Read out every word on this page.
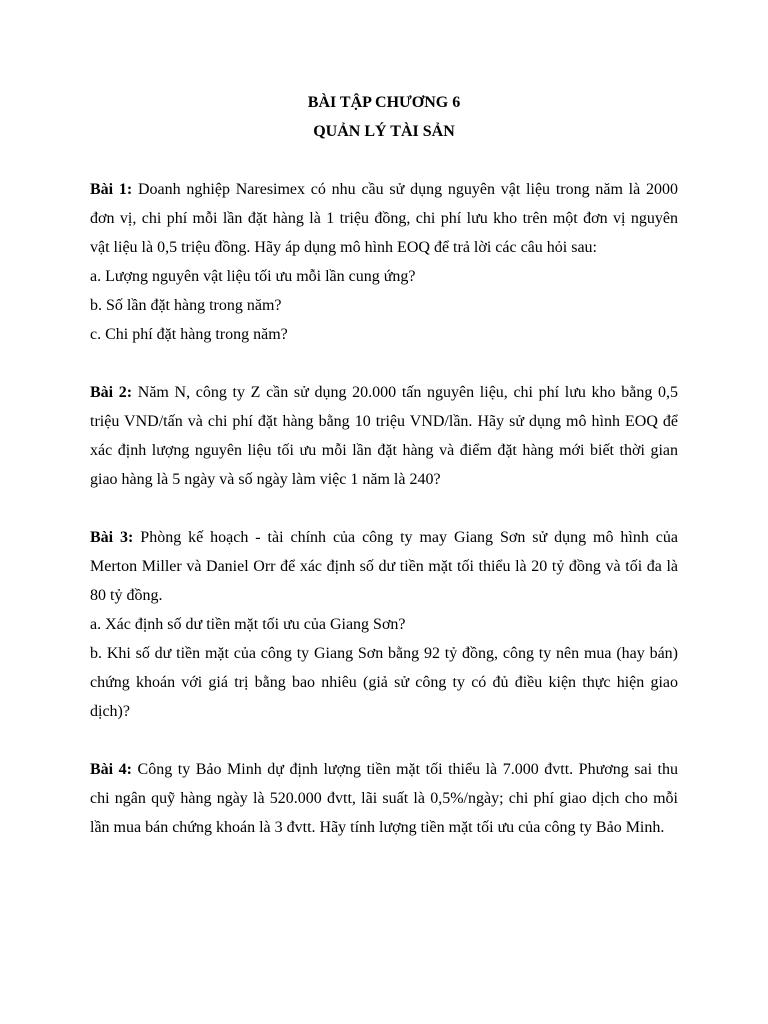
BÀI TẬP CHƯƠNG 6
QUẢN LÝ TÀI SẢN
Bài 1: Doanh nghiệp Naresimex có nhu cầu sử dụng nguyên vật liệu trong năm là 2000
đơn vị, chi phí mỗi lần đặt hàng là 1 triệu đồng, chi phí lưu kho trên một đơn vị nguyên
vật liệu là 0,5 triệu đồng. Hãy áp dụng mô hình EOQ để trả lời các câu hỏi sau:
a. Lượng nguyên vật liệu tối ưu mỗi lần cung ứng?
b. Số lần đặt hàng trong năm?
c. Chi phí đặt hàng trong năm?
Bài 2: Năm N, công ty Z cần sử dụng 20.000 tấn nguyên liệu, chi phí lưu kho bằng 0,5
triệu VND/tấn và chi phí đặt hàng bằng 10 triệu VND/lần. Hãy sử dụng mô hình EOQ để
xác định lượng nguyên liệu tối ưu mỗi lần đặt hàng và điểm đặt hàng mới biết thời gian
giao hàng là 5 ngày và số ngày làm việc 1 năm là 240?
Bài 3: Phòng kế hoạch - tài chính của công ty may Giang Sơn sử dụng mô hình của
Merton Miller và Daniel Orr để xác định số dư tiền mặt tối thiểu là 20 tỷ đồng và tối đa là
80 tỷ đồng.
a. Xác định số dư tiền mặt tối ưu của Giang Sơn?
b. Khi số dư tiền mặt của công ty Giang Sơn bằng 92 tỷ đồng, công ty nên mua (hay bán)
chứng khoán với giá trị bằng bao nhiêu (giả sử công ty có đủ điều kiện thực hiện giao
dịch)?
Bài 4: Công ty Bảo Minh dự định lượng tiền mặt tối thiểu là 7.000 đvtt. Phương sai thu
chi ngân quỹ hàng ngày là 520.000 đvtt, lãi suất là 0,5%/ngày; chi phí giao dịch cho mỗi
lần mua bán chứng khoán là 3 đvtt. Hãy tính lượng tiền mặt tối ưu của công ty Bảo Minh.
